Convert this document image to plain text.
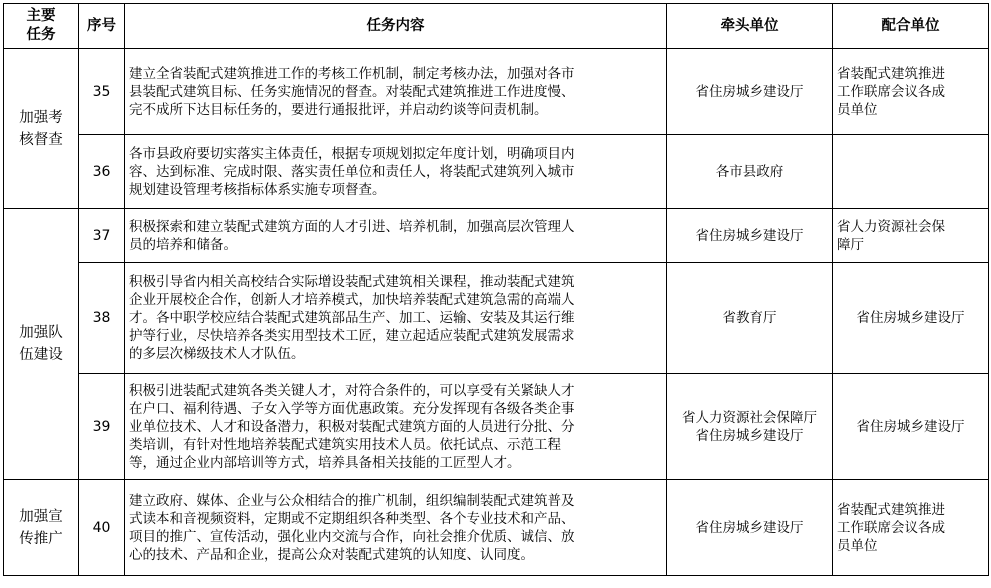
主要
任务	序号	任务内容	牵头单位	配合单位

加强考
核督查	35	建立全省装配式建筑推进工作的考核工作机制，制定考核办法，加强对各市
县装配式建筑目标、任务实施情况的督查。对装配式建筑推进工作进度慢、
完不成所下达目标任务的，要进行通报批评，并启动约谈等问责机制。	省住房城乡建设厅	省装配式建筑推进
工作联席会议各成
员单位

	36	各市县政府要切实落实主体责任，根据专项规划拟定年度计划，明确项目内
容、达到标准、完成时限、落实责任单位和责任人，将装配式建筑列入城市
规划建设管理考核指标体系实施专项督查。	各市县政府	

加强队
伍建设	37	积极探索和建立装配式建筑方面的人才引进、培养机制，加强高层次管理人
员的培养和储备。	省住房城乡建设厅	省人力资源社会保
障厅

	38	积极引导省内相关高校结合实际增设装配式建筑相关课程，推动装配式建筑
企业开展校企合作，创新人才培养模式，加快培养装配式建筑急需的高端人
才。各中职学校应结合装配式建筑部品生产、加工、运输、安装及其运行维
护等行业，尽快培养各类实用型技术工匠，建立起适应装配式建筑发展需求
的多层次梯级技术人才队伍。	省教育厅	省住房城乡建设厅

	39	积极引进装配式建筑各类关键人才，对符合条件的，可以享受有关紧缺人才
在户口、福利待遇、子女入学等方面优惠政策。充分发挥现有各级各类企事
业单位技术、人才和设备潜力，积极对装配式建筑方面的人员进行分批、分
类培训，有针对性地培养装配式建筑实用技术人员。依托试点、示范工程
等，通过企业内部培训等方式，培养具备相关技能的工匠型人才。	省人力资源社会保障厅
省住房城乡建设厅	省住房城乡建设厅

加强宣
传推广	40	建立政府、媒体、企业与公众相结合的推广机制，组织编制装配式建筑普及
式读本和音视频资料，定期或不定期组织各种类型、各个专业技术和产品、
项目的推广、宣传活动，强化业内交流与合作，向社会推介优质、诚信、放
心的技术、产品和企业，提高公众对装配式建筑的认知度、认同度。	省住房城乡建设厅	省装配式建筑推进
工作联席会议各成
员单位
